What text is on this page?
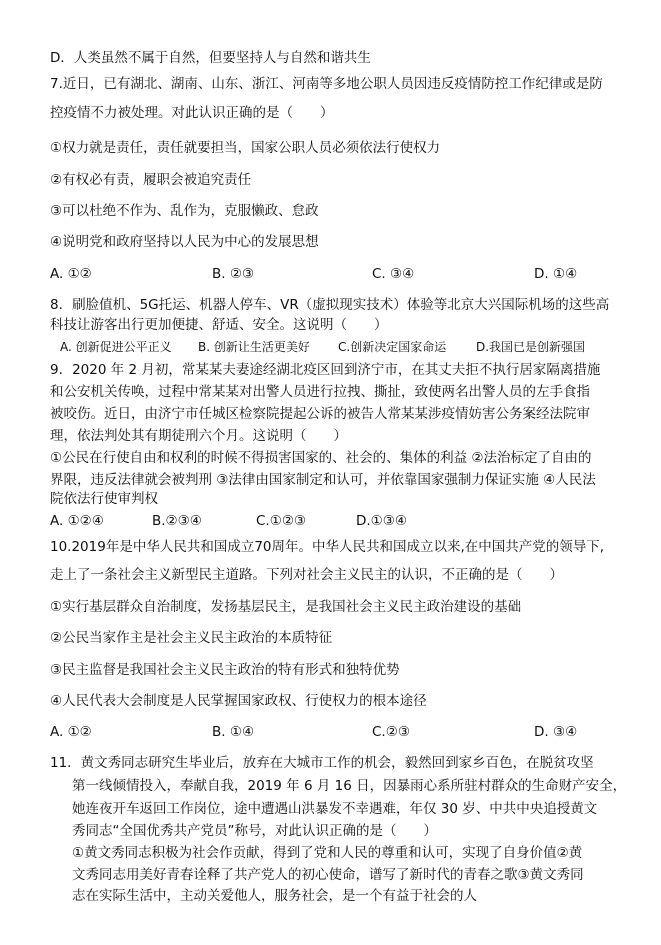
D．人类虽然不属于自然，但要坚持人与自然和谐共生
7.近日，已有湖北、湖南、山东、浙江、河南等多地公职人员因违反疫情防控工作纪律或是防
控疫情不力被处理。对此认识正确的是（　　）
①权力就是责任，责任就要担当，国家公职人员必须依法行使权力
②有权必有责，履职会被追究责任
③可以杜绝不作为、乱作为，克服懒政、怠政
④说明党和政府坚持以人民为中心的发展思想
A. ①②	B. ②③	C. ③④	D. ①④
8．刷脸值机、5G托运、机器人停车、VR（虚拟现实技术）体验等北京大兴国际机场的这些高
科技让游客出行更加便捷、舒适、安全。这说明（　　）
A. 创新促进公平正义 B. 创新让生活更美好 C.创新决定国家命运 D.我国已是创新强国
9．2020 年 2 月初，常某某夫妻途经湖北疫区回到济宁市，在其丈夫拒不执行居家隔离措施
和公安机关传唤，过程中常某某对出警人员进行拉拽、撕扯，致使两名出警人员的左手食指
被咬伤。近日，由济宁市任城区检察院提起公诉的被告人常某某涉疫情妨害公务案经法院审
理，依法判处其有期徒刑六个月。这说明（　　）
①公民在行使自由和权利的时候不得损害国家的、社会的、集体的利益 ②法治标定了自由的
界限，违反法律就会被判刑 ③法律由国家制定和认可，并依靠国家强制力保证实施 ④人民法
院依法行使审判权
A. ①②④	B.②③④	C.①②③	D.①③④
10.2019年是中华人民共和国成立70周年。中华人民共和国成立以来,在中国共产党的领导下,
走上了一条社会主义新型民主道路。下列对社会主义民主的认识，不正确的是（　　）
①实行基层群众自治制度，发扬基层民主，是我国社会主义民主政治建设的基础
②公民当家作主是社会主义民主政治的本质特征
③民主监督是我国社会主义民主政治的特有形式和独特优势
④人民代表大会制度是人民掌握国家政权、行使权力的根本途径
A. ①②	B. ①④	C.②③	D. ③④
11．黄文秀同志研究生毕业后，放弃在大城市工作的机会，毅然回到家乡百色，在脱贫攻坚
第一线倾情投入，奉献自我，2019 年 6 月 16 日，因暴雨心系所驻村群众的生命财产安全，
她连夜开车返回工作岗位，途中遭遇山洪暴发不幸遇难，年仅 30 岁、中共中央追授黄文
秀同志“全国优秀共产党员”称号，对此认识正确的是（　　）
①黄文秀同志积极为社会作贡献，得到了党和人民的尊重和认可，实现了自身价值②黄
文秀同志用美好青春诠释了共产党人的初心使命，谱写了新时代的青春之歌③黄文秀同
志在实际生活中，主动关爱他人，服务社会，是一个有益于社会的人
